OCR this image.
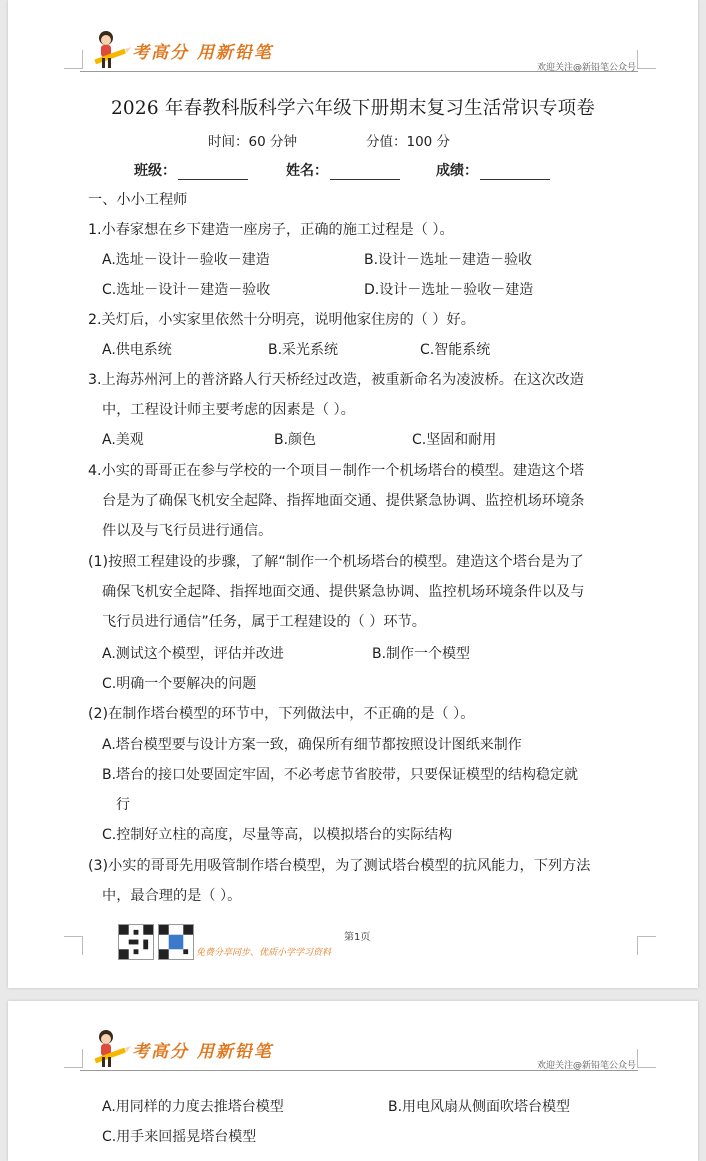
考高分 用新铅笔
欢迎关注@新铅笔公众号
2026 年春教科版科学六年级下册期末复习生活常识专项卷
时间：60 分钟	分值：100 分
班级：	姓名：	成绩：
一、小小工程师
1.小春家想在乡下建造一座房子，正确的施工过程是（ ）。
A.选址－设计－验收－建造	B.设计－选址－建造－验收
C.选址－设计－建造－验收	D.设计－选址－验收－建造
2.关灯后，小实家里依然十分明亮，说明他家住房的（ ）好。
A.供电系统	B.采光系统	C.智能系统
3.上海苏州河上的普济路人行天桥经过改造，被重新命名为凌波桥。在这次改造
中，工程设计师主要考虑的因素是（ ）。
A.美观	B.颜色	C.坚固和耐用
4.小实的哥哥正在参与学校的一个项目－制作一个机场塔台的模型。建造这个塔
台是为了确保飞机安全起降、指挥地面交通、提供紧急协调、监控机场环境条
件以及与飞行员进行通信。
(1)按照工程建设的步骤，了解“制作一个机场塔台的模型。建造这个塔台是为了
确保飞机安全起降、指挥地面交通、提供紧急协调、监控机场环境条件以及与
飞行员进行通信”任务，属于工程建设的（ ）环节。
A.测试这个模型，评估并改进	B.制作一个模型
C.明确一个要解决的问题
(2)在制作塔台模型的环节中，下列做法中，不正确的是（ ）。
A.塔台模型要与设计方案一致，确保所有细节都按照设计图纸来制作
B.塔台的接口处要固定牢固，不必考虑节省胶带，只要保证模型的结构稳定就
行
C.控制好立柱的高度，尽量等高，以模拟塔台的实际结构
(3)小实的哥哥先用吸管制作塔台模型，为了测试塔台模型的抗风能力，下列方法
中，最合理的是（ ）。
第1页
免费分享同步、优质小学学习资料
考高分 用新铅笔
欢迎关注@新铅笔公众号
A.用同样的力度去推塔台模型	B.用电风扇从侧面吹塔台模型
C.用手来回摇晃塔台模型
